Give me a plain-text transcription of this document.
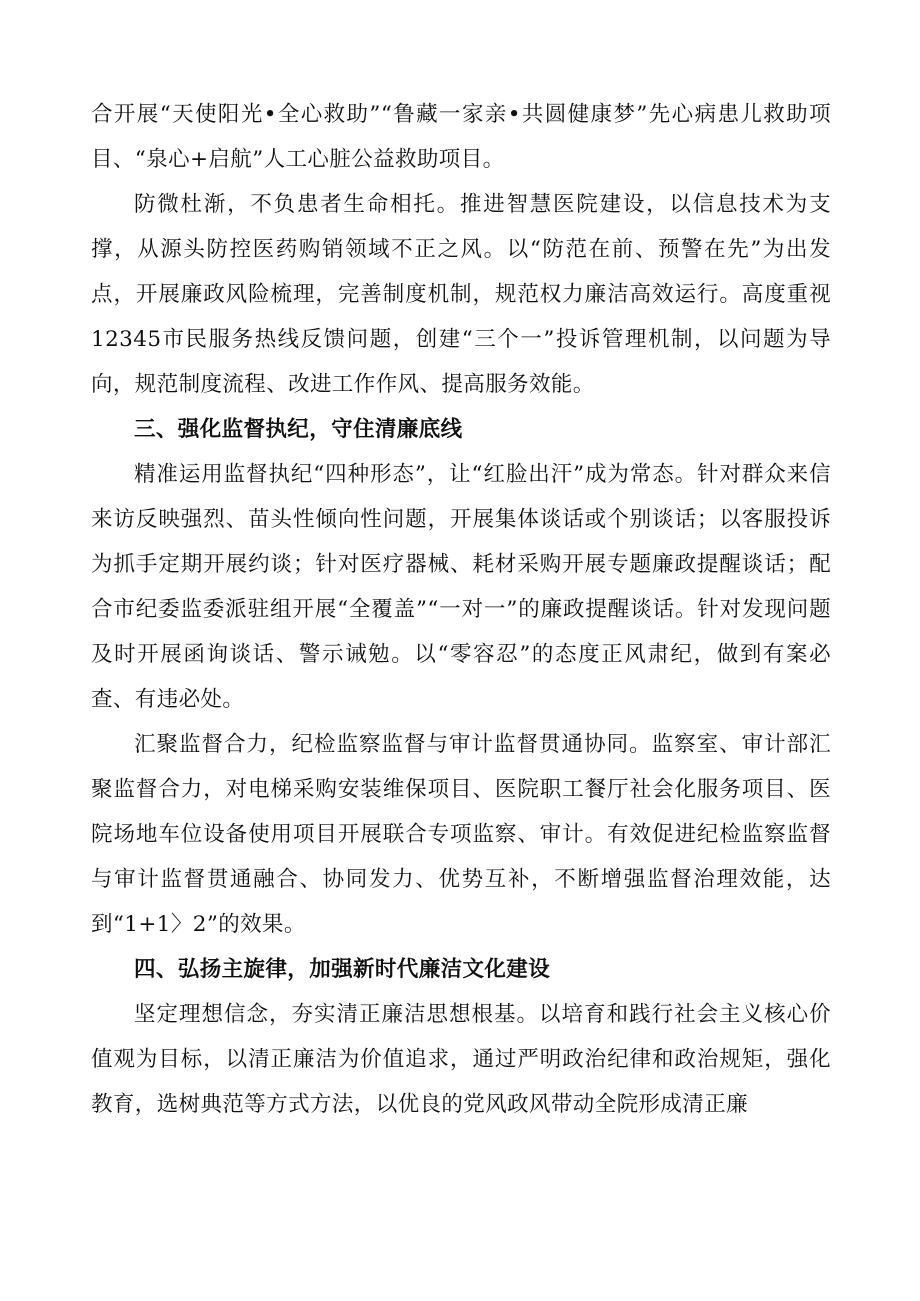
合开展“天使阳光•全心救助”“鲁藏一家亲•共圆健康梦”先心病患儿救助项目、“泉心+启航”人工心脏公益救助项目。

防微杜渐，不负患者生命相托。推进智慧医院建设，以信息技术为支撑，从源头防控医药购销领域不正之风。以“防范在前、预警在先”为出发点，开展廉政风险梳理，完善制度机制，规范权力廉洁高效运行。高度重视12345市民服务热线反馈问题，创建“三个一”投诉管理机制，以问题为导向，规范制度流程、改进工作作风、提高服务效能。

三、强化监督执纪，守住清廉底线

精准运用监督执纪“四种形态”，让“红脸出汗”成为常态。针对群众来信来访反映强烈、苗头性倾向性问题，开展集体谈话或个别谈话；以客服投诉为抓手定期开展约谈；针对医疗器械、耗材采购开展专题廉政提醒谈话；配合市纪委监委派驻组开展“全覆盖”“一对一”的廉政提醒谈话。针对发现问题及时开展函询谈话、警示诫勉。以“零容忍”的态度正风肃纪，做到有案必查、有违必处。

汇聚监督合力，纪检监察监督与审计监督贯通协同。监察室、审计部汇聚监督合力，对电梯采购安装维保项目、医院职工餐厅社会化服务项目、医院场地车位设备使用项目开展联合专项监察、审计。有效促进纪检监察监督与审计监督贯通融合、协同发力、优势互补，不断增强监督治理效能，达到“1+1〉2”的效果。

四、弘扬主旋律，加强新时代廉洁文化建设

坚定理想信念，夯实清正廉洁思想根基。以培育和践行社会主义核心价值观为目标，以清正廉洁为价值追求，通过严明政治纪律和政治规矩，强化教育，选树典范等方式方法，以优良的党风政风带动全院形成清正廉
